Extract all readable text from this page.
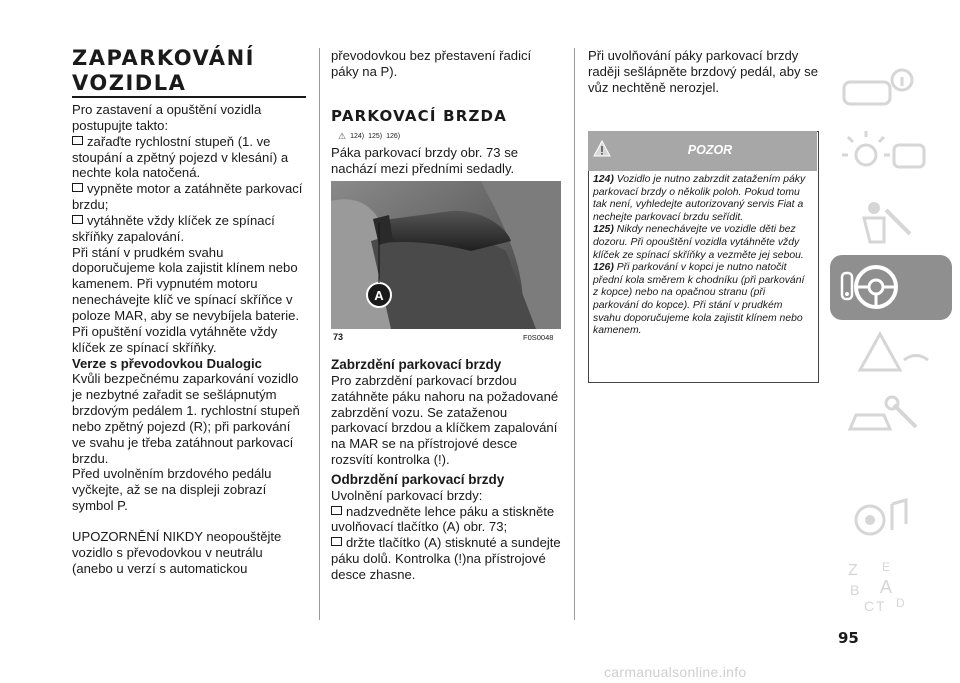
ZAPARKOVÁNÍ
VOZIDLA

Pro zastavení a opuštění vozidla postupujte takto:

zařaďte rychlostní stupeň (1. ve stoupání a zpětný pojezd v klesání) a nechte kola natočená.

vypněte motor a zatáhněte parkovací brzdu;

vytáhněte vždy klíček ze spínací skříňky zapalování.

Při stání v prudkém svahu doporučujeme kola zajistit klínem nebo kamenem. Při vypnutém motoru nenechávejte klíč ve spínací skříňce v poloze MAR, aby se nevybíjela baterie. Při opuštění vozidla vytáhněte vždy klíček ze spínací skříňky.

Verze s převodovkou Dualogic

Kvůli bezpečnému zaparkování vozidlo je nezbytné zařadit se sešlápnutým brzdovým pedálem 1. rychlostní stupeň nebo zpětný pojezd (R); při parkování ve svahu je třeba zatáhnout parkovací brzdu.

Před uvolněním brzdového pedálu vyčkejte, až se na displeji zobrazí symbol P.

UPOZORNĚNÍ NIKDY neopouštějte vozidlo s převodovkou v neutrálu (anebo u verzí s automatickou

převodovkou bez přestavení řadicí páky na P).

PARKOVACÍ BRZDA
⚠ 124) 125) 126)

Páka parkovací brzdy obr. 73 se nachází mezi předními sedadly.

A
73	F0S0048

Zabrzdění parkovací brzdy

Pro zabrzdění parkovací brzdou zatáhněte páku nahoru na požadované zabrzdění vozu. Se zataženou parkovací brzdou a klíčkem zapalování na MAR se na přístrojové desce rozsvítí kontrolka (!).

Odbrzdění parkovací brzdy

Uvolnění parkovací brzdy:

nadzvedněte lehce páku a stiskněte uvolňovací tlačítko (A) obr. 73;

držte tlačítko (A) stisknuté a sundejte páku dolů. Kontrolka (!)na přístrojové desce zhasne.

Při uvolňování páky parkovací brzdy raději sešlápněte brzdový pedál, aby se vůz nechtěně nerozjel.

POZOR
124) Vozidlo je nutno zabrzdit zatažením páky parkovací brzdy o několik poloh. Pokud tomu tak není, vyhledejte autorizovaný servis Fiat a nechejte parkovací brzdu seřídit.
125) Nikdy nenechávejte ve vozidle děti bez dozoru. Při opouštění vozidla vytáhněte vždy klíček ze spínací skříňky a vezměte jej sebou.
126) Při parkování v kopci je nutno natočit přední kola směrem k chodníku (při parkování z kopce) nebo na opačnou stranu (při parkování do kopce). Při stání v prudkém svahu doporučujeme kola zajistit klínem nebo kamenem.
Z E
B A
C T D
95
carmanualsonline.info
